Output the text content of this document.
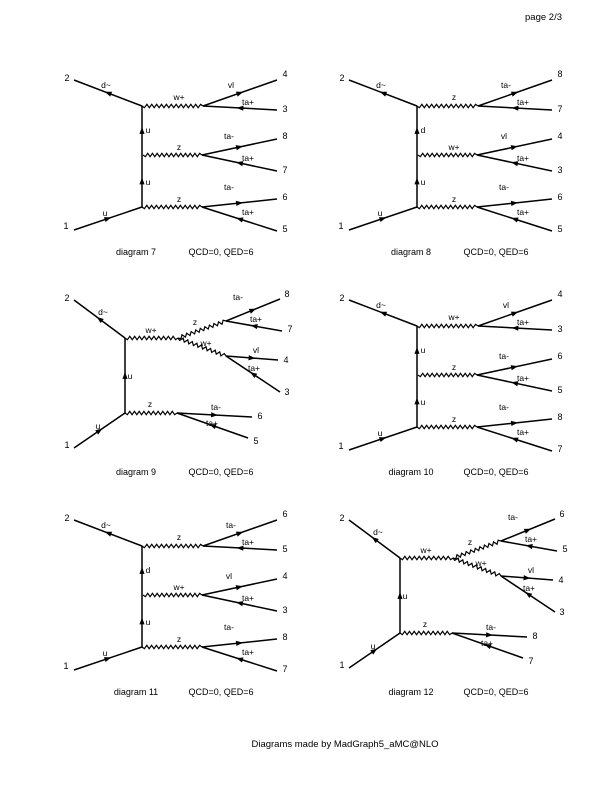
page 2/3
2
1
d~
u
u
u
w+
vl
ta+
z
ta-
ta+
z
ta-
ta+
4
3
8
7
6
5
diagram 7	QCD=0, QED=6
2
1
d~
u
d
u
z
ta-
ta+
w+
vl
ta+
z
ta-
ta+
8
7
4
3
6
5
diagram 8	QCD=0, QED=6
2
1
d~
u
u
w+
z
w+
ta-
ta+
vl
ta+
z	ta-
ta+
8
7
4
3
6
5
diagram 9	QCD=0, QED=6
2
1
d~
u
u
u
w+
vl
ta+
z
ta-
ta+
z
ta-
ta+
4
3
6
5
8
7
diagram 10	QCD=0, QED=6
2
1
d~
u
d
u
z
ta-
ta+
w+
vl
ta+
z
ta-
ta+
6
5
4
3
8
7
diagram 11	QCD=0, QED=6
2
1
d~
u
u
w+
z
w+
ta-
ta+
vl
ta+
z	ta-
ta+
6
5
4
3
8
7
diagram 12	QCD=0, QED=6
Diagrams made by MadGraph5_aMC@NLO
